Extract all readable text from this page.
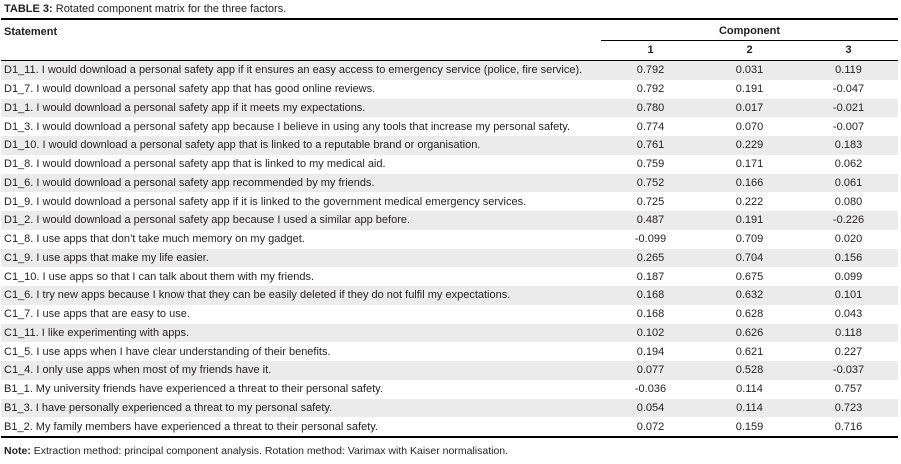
TABLE 3: Rotated component matrix for the three factors.
Statement	Component		
	1	2	3
D1_11. I would download a personal safety app if it ensures an easy access to emergency service (police, fire service).	0.792	0.031	0.119
D1_7. I would download a personal safety app that has good online reviews.	0.792	0.191	-0.047
D1_1. I would download a personal safety app if it meets my expectations.	0.780	0.017	-0.021
D1_3. I would download a personal safety app because I believe in using any tools that increase my personal safety.	0.774	0.070	-0.007
D1_10. I would download a personal safety app that is linked to a reputable brand or organisation.	0.761	0.229	0.183
D1_8. I would download a personal safety app that is linked to my medical aid.	0.759	0.171	0.062
D1_6. I would download a personal safety app recommended by my friends.	0.752	0.166	0.061
D1_9. I would download a personal safety app if it is linked to the government medical emergency services.	0.725	0.222	0.080
D1_2. I would download a personal safety app because I used a similar app before.	0.487	0.191	-0.226
C1_8. I use apps that don’t take much memory on my gadget.	-0.099	0.709	0.020
C1_9. I use apps that make my life easier.	0.265	0.704	0.156
C1_10. I use apps so that I can talk about them with my friends.	0.187	0.675	0.099
C1_6. I try new apps because I know that they can be easily deleted if they do not fulfil my expectations.	0.168	0.632	0.101
C1_7. I use apps that are easy to use.	0.168	0.628	0.043
C1_11. I like experimenting with apps.	0.102	0.626	0.118
C1_5. I use apps when I have clear understanding of their benefits.	0.194	0.621	0.227
C1_4. I only use apps when most of my friends have it.	0.077	0.528	-0.037
B1_1. My university friends have experienced a threat to their personal safety.	-0.036	0.114	0.757
B1_3. I have personally experienced a threat to my personal safety.	0.054	0.114	0.723
B1_2. My family members have experienced a threat to their personal safety.	0.072	0.159	0.716
Note: Extraction method: principal component analysis. Rotation method: Varimax with Kaiser normalisation.
